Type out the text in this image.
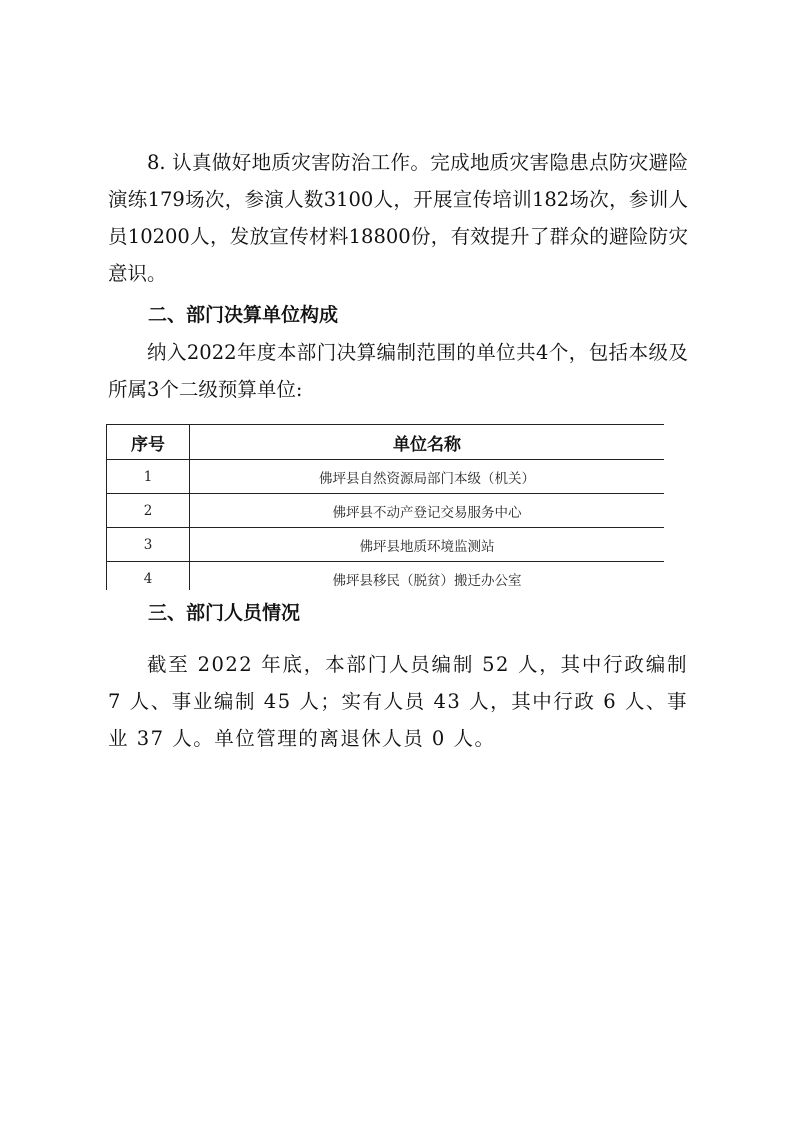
8. 认真做好地质灾害防治工作。完成地质灾害隐患点防灾避险演练179场次，参演人数3100人，开展宣传培训182场次，参训人员10200人，发放宣传材料18800份，有效提升了群众的避险防灾意识。

二、部门决算单位构成

纳入2022年度本部门决算编制范围的单位共4个，包括本级及所属3个二级预算单位:

序号	单位名称
1	佛坪县自然资源局部门本级（机关）
2	佛坪县不动产登记交易服务中心
3	佛坪县地质环境监测站
4	佛坪县移民（脱贫）搬迁办公室
三、部门人员情况

截至 2022 年底，本部门人员编制 52 人，其中行政编制 7 人、事业编制 45 人；实有人员 43 人，其中行政 6 人、事业 37 人。单位管理的离退休人员 0 人。
